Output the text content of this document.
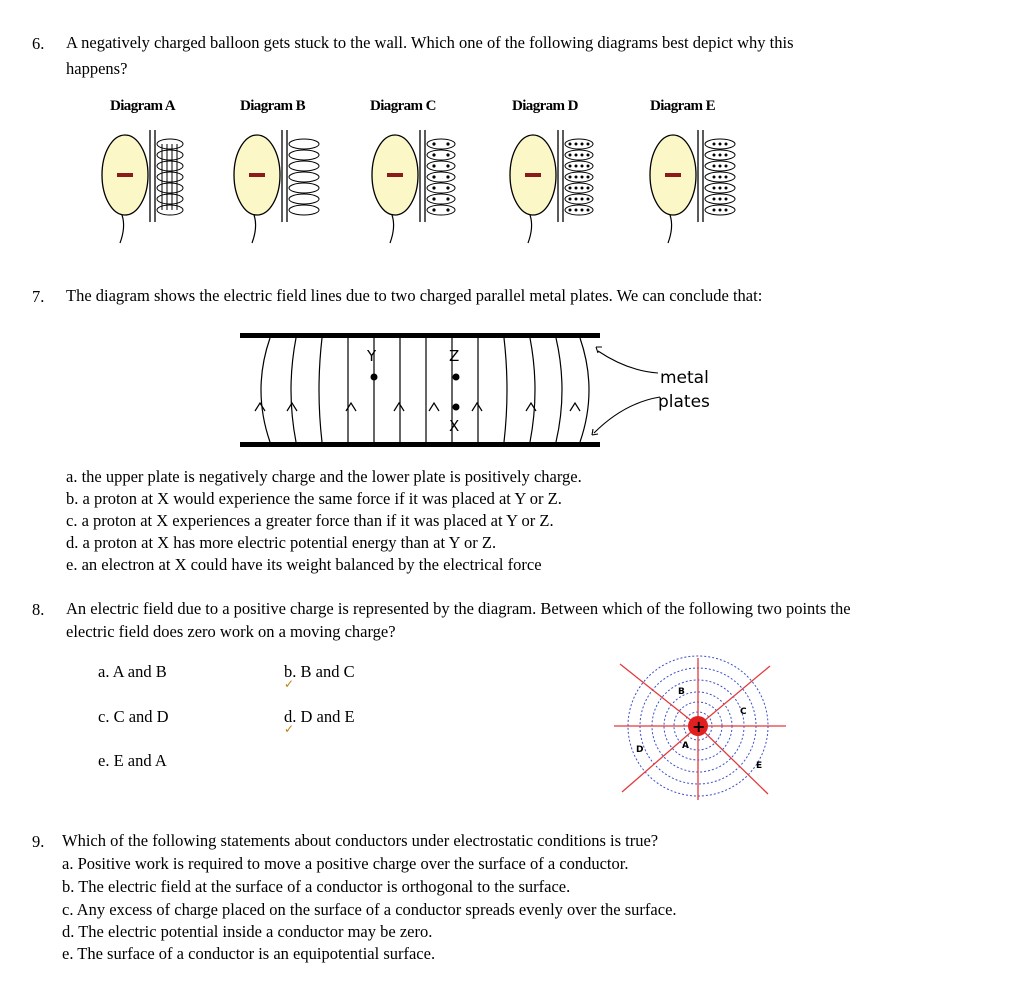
6. A negatively charged balloon gets stuck to the wall. Which one of the following diagrams best depict why this
happens?
Diagram A	Diagram B	Diagram C	Diagram D	Diagram E
7. The diagram shows the electric field lines due to two charged parallel metal plates. We can conclude that:
Y	Z
X
metal
plates
a. the upper plate is negatively charge and the lower plate is positively charge.
b. a proton at X would experience the same force if it was placed at Y or Z.
c. a proton at X experiences a greater force than if it was placed at Y or Z.
d. a proton at X has more electric potential energy than at Y or Z.
e. an electron at X could have its weight balanced by the electrical force
8. An electric field due to a positive charge is represented by the diagram. Between which of the following two points the
electric field does zero work on a moving charge?
a. A and B	b. B and C
c. C and D	d. D and E
e. E and A
✓
✓	+
B
C
A
D
E
9. Which of the following statements about conductors under electrostatic conditions is true?
a. Positive work is required to move a positive charge over the surface of a conductor.
b. The electric field at the surface of a conductor is orthogonal to the surface.
c. Any excess of charge placed on the surface of a conductor spreads evenly over the surface.
d. The electric potential inside a conductor may be zero.
e. The surface of a conductor is an equipotential surface.
